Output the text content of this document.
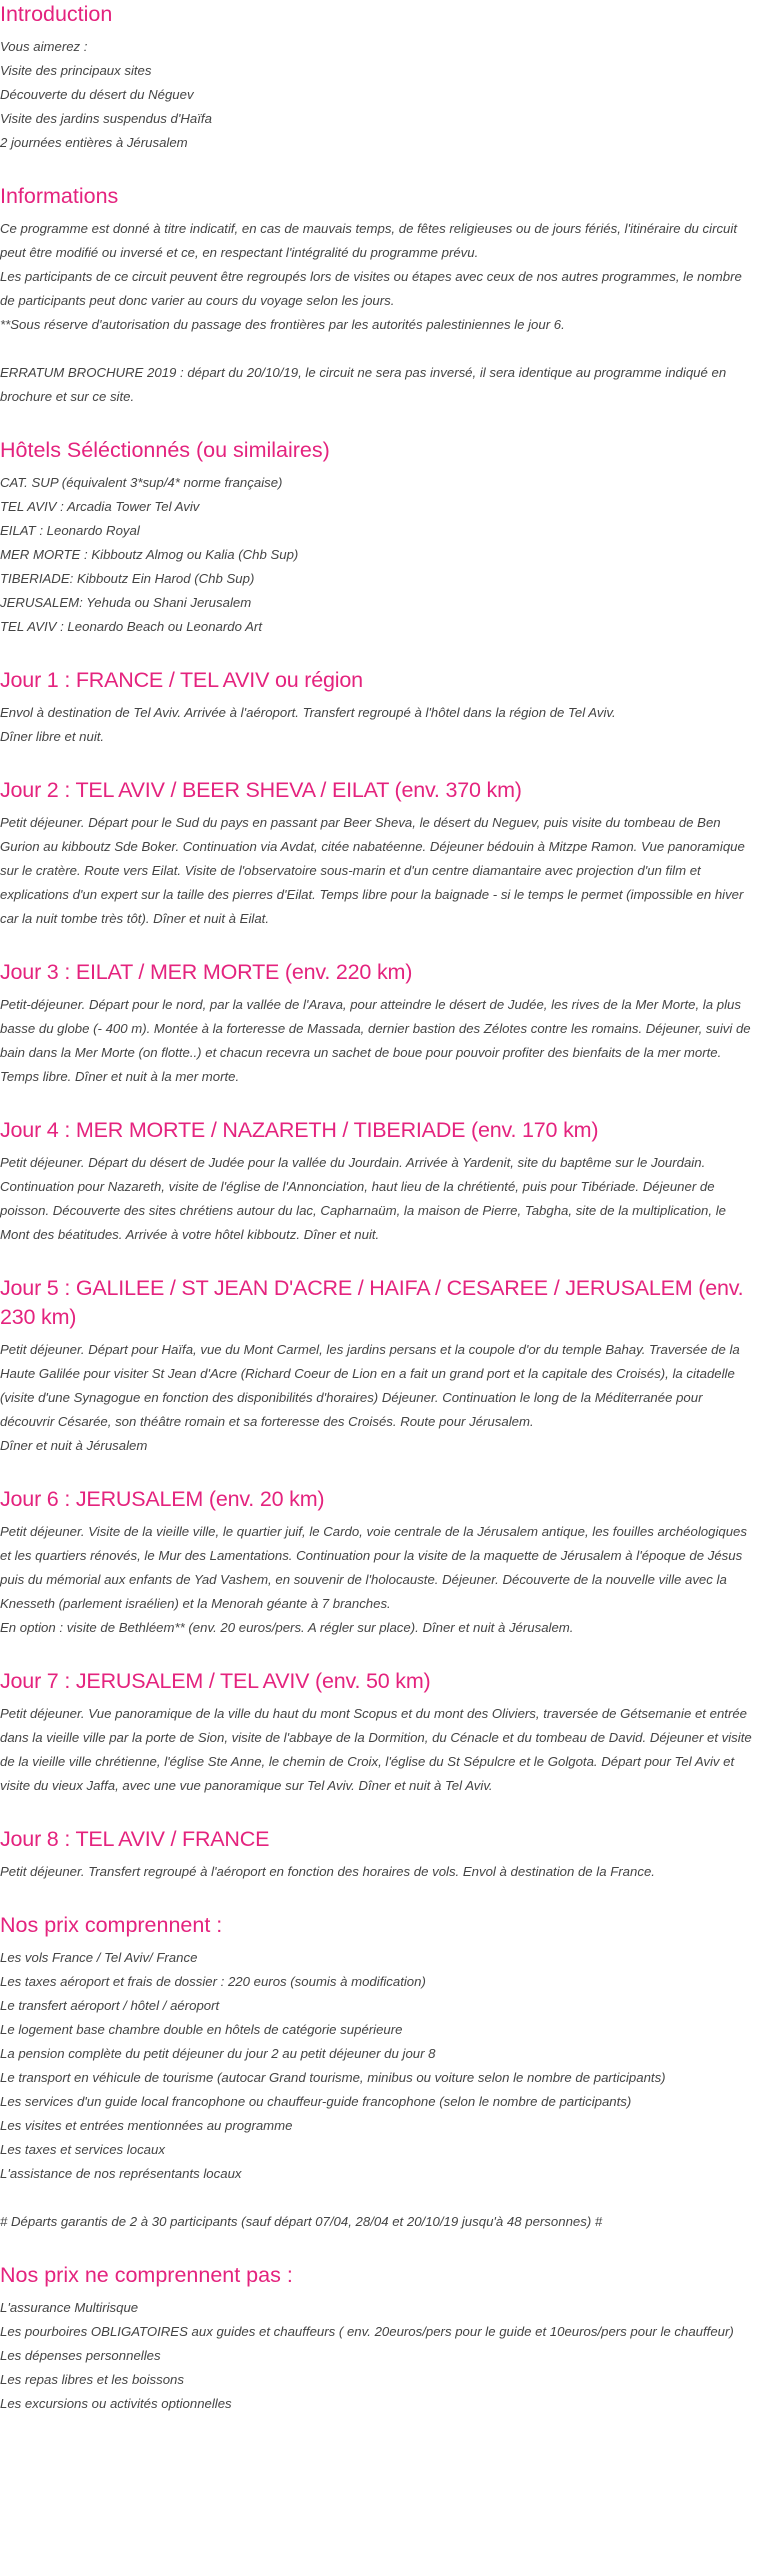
Introduction
Vous aimerez :
Visite des principaux sites
Découverte du désert du Néguev
Visite des jardins suspendus d'Haïfa
2 journées entières à Jérusalem
Informations
Ce programme est donné à titre indicatif, en cas de mauvais temps, de fêtes religieuses ou de jours fériés, l'itinéraire du circuit peut être modifié ou inversé et ce, en respectant l'intégralité du programme prévu.
Les participants de ce circuit peuvent être regroupés lors de visites ou étapes avec ceux de nos autres programmes, le nombre de participants peut donc varier au cours du voyage selon les jours.
**Sous réserve d'autorisation du passage des frontières par les autorités palestiniennes le jour 6.
ERRATUM BROCHURE 2019 : départ du 20/10/19, le circuit ne sera pas inversé, il sera identique au programme indiqué en brochure et sur ce site.
Hôtels Séléctionnés (ou similaires)
CAT. SUP (équivalent 3*sup/4* norme française)
TEL AVIV : Arcadia Tower Tel Aviv
EILAT : Leonardo Royal
MER MORTE : Kibboutz Almog ou Kalia (Chb Sup)
TIBERIADE: Kibboutz Ein Harod (Chb Sup)
JERUSALEM: Yehuda ou Shani Jerusalem
TEL AVIV : Leonardo Beach ou Leonardo Art
Jour 1 : FRANCE / TEL AVIV ou région
Envol à destination de Tel Aviv. Arrivée à l'aéroport. Transfert regroupé à l'hôtel dans la région de Tel Aviv.
Dîner libre et nuit.
Jour 2 : TEL AVIV / BEER SHEVA / EILAT (env. 370 km)
Petit déjeuner. Départ pour le Sud du pays en passant par Beer Sheva, le désert du Neguev, puis visite du tombeau de Ben Gurion au kibboutz Sde Boker. Continuation via Avdat, citée nabatéenne. Déjeuner bédouin à Mitzpe Ramon. Vue panoramique sur le cratère. Route vers Eilat. Visite de l'observatoire sous-marin et d'un centre diamantaire avec projection d'un film et explications d'un expert sur la taille des pierres d'Eilat. Temps libre pour la baignade - si le temps le permet (impossible en hiver car la nuit tombe très tôt). Dîner et nuit à Eilat.
Jour 3 : EILAT / MER MORTE (env. 220 km)
Petit-déjeuner. Départ pour le nord, par la vallée de l'Arava, pour atteindre le désert de Judée, les rives de la Mer Morte, la plus basse du globe (- 400 m). Montée à la forteresse de Massada, dernier bastion des Zélotes contre les romains. Déjeuner, suivi de bain dans la Mer Morte (on flotte..) et chacun recevra un sachet de boue pour pouvoir profiter des bienfaits de la mer morte. Temps libre. Dîner et nuit à la mer morte.
Jour 4 : MER MORTE / NAZARETH / TIBERIADE (env. 170 km)
Petit déjeuner. Départ du désert de Judée pour la vallée du Jourdain. Arrivée à Yardenit, site du baptême sur le Jourdain. Continuation pour Nazareth, visite de l'église de l'Annonciation, haut lieu de la chrétienté, puis pour Tibériade. Déjeuner de poisson. Découverte des sites chrétiens autour du lac, Capharnaüm, la maison de Pierre, Tabgha, site de la multiplication, le Mont des béatitudes. Arrivée à votre hôtel kibboutz. Dîner et nuit.
Jour 5 : GALILEE / ST JEAN D'ACRE / HAIFA / CESAREE / JERUSALEM (env. 230 km)
Petit déjeuner. Départ pour Haïfa, vue du Mont Carmel, les jardins persans et la coupole d'or du temple Bahay. Traversée de la Haute Galilée pour visiter St Jean d'Acre (Richard Coeur de Lion en a fait un grand port et la capitale des Croisés), la citadelle (visite d'une Synagogue en fonction des disponibilités d'horaires) Déjeuner. Continuation le long de la Méditerranée pour découvrir Césarée, son théâtre romain et sa forteresse des Croisés. Route pour Jérusalem.
Dîner et nuit à Jérusalem
Jour 6 : JERUSALEM (env. 20 km)
Petit déjeuner. Visite de la vieille ville, le quartier juif, le Cardo, voie centrale de la Jérusalem antique, les fouilles archéologiques et les quartiers rénovés, le Mur des Lamentations. Continuation pour la visite de la maquette de Jérusalem à l'époque de Jésus puis du mémorial aux enfants de Yad Vashem, en souvenir de l'holocauste. Déjeuner. Découverte de la nouvelle ville avec la Knesseth (parlement israélien) et la Menorah géante à 7 branches.
En option : visite de Bethléem** (env. 20 euros/pers. A régler sur place). Dîner et nuit à Jérusalem.
Jour 7 : JERUSALEM / TEL AVIV (env. 50 km)
Petit déjeuner. Vue panoramique de la ville du haut du mont Scopus et du mont des Oliviers, traversée de Gétsemanie et entrée dans la vieille ville par la porte de Sion, visite de l'abbaye de la Dormition, du Cénacle et du tombeau de David. Déjeuner et visite de la vieille ville chrétienne, l'église Ste Anne, le chemin de Croix, l'église du St Sépulcre et le Golgota. Départ pour Tel Aviv et visite du vieux Jaffa, avec une vue panoramique sur Tel Aviv. Dîner et nuit à Tel Aviv.
Jour 8 : TEL AVIV / FRANCE
Petit déjeuner. Transfert regroupé à l'aéroport en fonction des horaires de vols. Envol à destination de la France.
Nos prix comprennent :
Les vols France / Tel Aviv/ France
Les taxes aéroport et frais de dossier : 220 euros (soumis à modification)
Le transfert aéroport / hôtel / aéroport
Le logement base chambre double en hôtels de catégorie supérieure
La pension complète du petit déjeuner du jour 2 au petit déjeuner du jour 8
Le transport en véhicule de tourisme (autocar Grand tourisme, minibus ou voiture selon le nombre de participants)
Les services d'un guide local francophone ou chauffeur-guide francophone (selon le nombre de participants)
Les visites et entrées mentionnées au programme
Les taxes et services locaux
L'assistance de nos représentants locaux
# Départs garantis de 2 à 30 participants (sauf départ 07/04, 28/04 et 20/10/19 jusqu'à 48 personnes) #
Nos prix ne comprennent pas :
L'assurance Multirisque
Les pourboires OBLIGATOIRES aux guides et chauffeurs ( env. 20euros/pers pour le guide et 10euros/pers pour le chauffeur)
Les dépenses personnelles
Les repas libres et les boissons
Les excursions ou activités optionnelles
